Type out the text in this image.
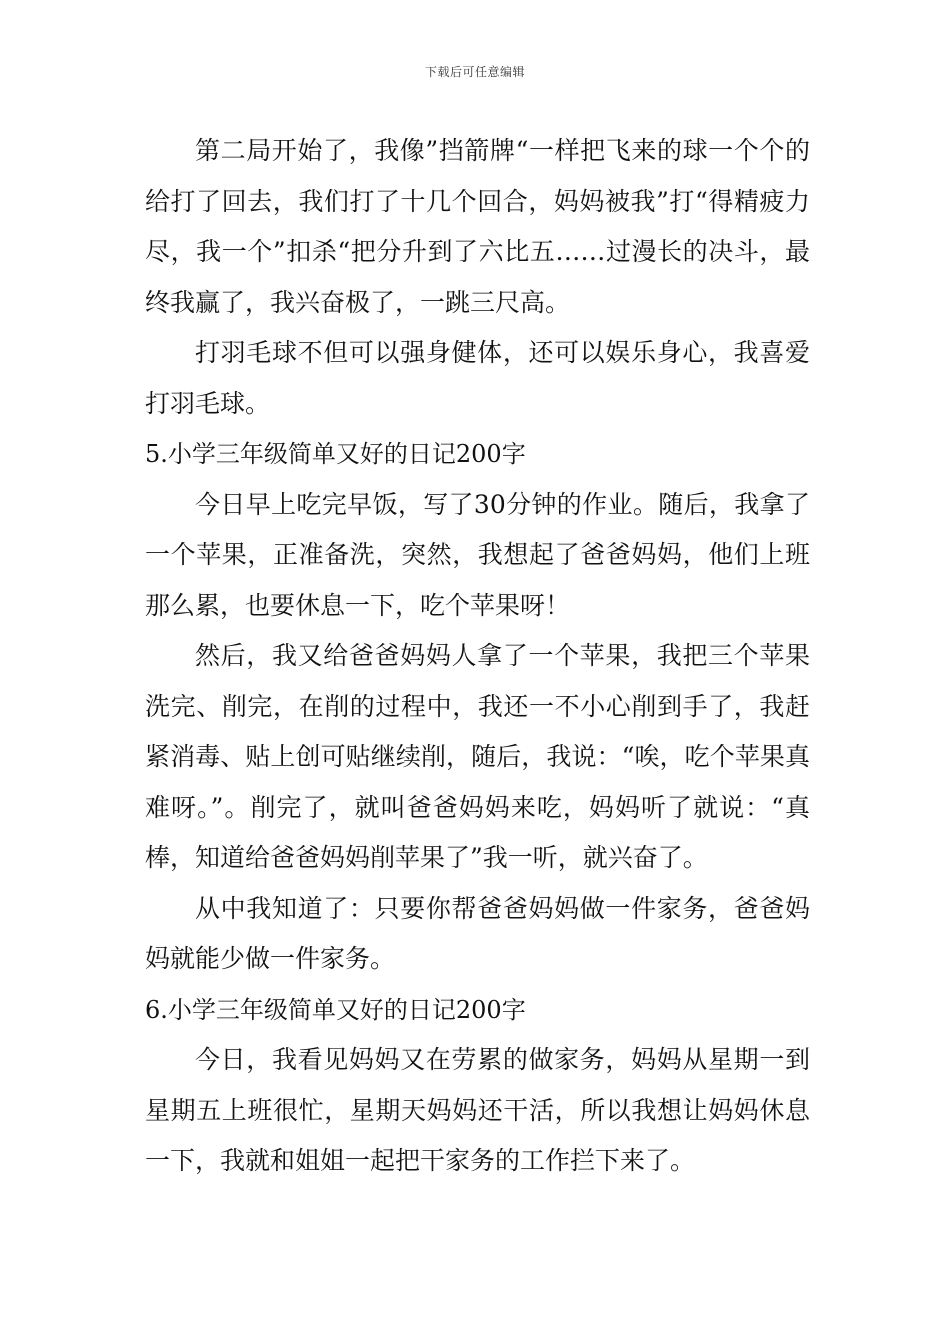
下载后可任意编辑

第二局开始了，我像”挡箭牌“一样把飞来的球一个个的给打了回去，我们打了十几个回合，妈妈被我”打“得精疲力尽，我一个”扣杀“把分升到了六比五……过漫长的决斗，最终我赢了，我兴奋极了，一跳三尺高。

打羽毛球不但可以强身健体，还可以娱乐身心，我喜爱打羽毛球。

5.小学三年级简单又好的日记200字

今日早上吃完早饭，写了30分钟的作业。随后，我拿了一个苹果，正准备洗，突然，我想起了爸爸妈妈，他们上班那么累，也要休息一下，吃个苹果呀！

然后，我又给爸爸妈妈人拿了一个苹果，我把三个苹果洗完、削完，在削的过程中，我还一不小心削到手了，我赶紧消毒、贴上创可贴继续削，随后，我说：“唉，吃个苹果真难呀。”。削完了，就叫爸爸妈妈来吃，妈妈听了就说：“真棒，知道给爸爸妈妈削苹果了”我一听，就兴奋了。

从中我知道了：只要你帮爸爸妈妈做一件家务，爸爸妈妈就能少做一件家务。

6.小学三年级简单又好的日记200字

今日，我看见妈妈又在劳累的做家务，妈妈从星期一到星期五上班很忙，星期天妈妈还干活，所以我想让妈妈休息一下，我就和姐姐一起把干家务的工作拦下来了。
